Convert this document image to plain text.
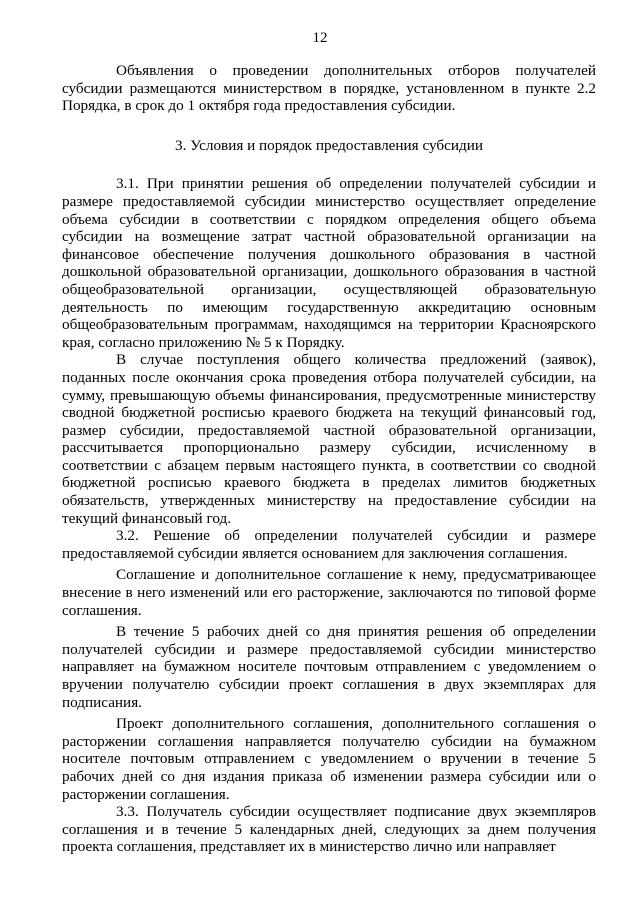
12

Объявления о проведении дополнительных отборов получателей субсидии размещаются министерством в порядке, установленном в пункте 2.2 Порядка, в срок до 1 октября года предоставления субсидии.

3. Условия и порядок предоставления субсидии

3.1. При принятии решения об определении получателей субсидии и размере предоставляемой субсидии министерство осуществляет определение объема субсидии в соответствии с порядком определения общего объема субсидии на возмещение затрат частной образовательной организации на финансовое обеспечение получения дошкольного образования в частной дошкольной образовательной организации, дошкольного образования в частной общеобразовательной организации, осуществляющей образовательную деятельность по имеющим государственную аккредитацию основным общеобразовательным программам, находящимся на территории Красноярского края, согласно приложению № 5 к Порядку.

В случае поступления общего количества предложений (заявок), поданных после окончания срока проведения отбора получателей субсидии, на сумму, превышающую объемы финансирования, предусмотренные министерству сводной бюджетной росписью краевого бюджета на текущий финансовый год, размер субсидии, предоставляемой частной образовательной организации, рассчитывается пропорционально размеру субсидии, исчисленному в соответствии с абзацем первым настоящего пункта, в соответствии со сводной бюджетной росписью краевого бюджета в пределах лимитов бюджетных обязательств, утвержденных министерству на предоставление субсидии на текущий финансовый год.

3.2. Решение об определении получателей субсидии и размере предоставляемой субсидии является основанием для заключения соглашения.

Соглашение и дополнительное соглашение к нему, предусматривающее внесение в него изменений или его расторжение, заключаются по типовой форме соглашения.

В течение 5 рабочих дней со дня принятия решения об определении получателей субсидии и размере предоставляемой субсидии министерство направляет на бумажном носителе почтовым отправлением с уведомлением о вручении получателю субсидии проект соглашения в двух экземплярах для подписания.

Проект дополнительного соглашения, дополнительного соглашения о расторжении соглашения направляется получателю субсидии на бумажном носителе почтовым отправлением с уведомлением о вручении в течение 5 рабочих дней со дня издания приказа об изменении размера субсидии или о расторжении соглашения.

3.3. Получатель субсидии осуществляет подписание двух экземпляров соглашения и в течение 5 календарных дней, следующих за днем получения проекта соглашения, представляет их в министерство лично или направляет
